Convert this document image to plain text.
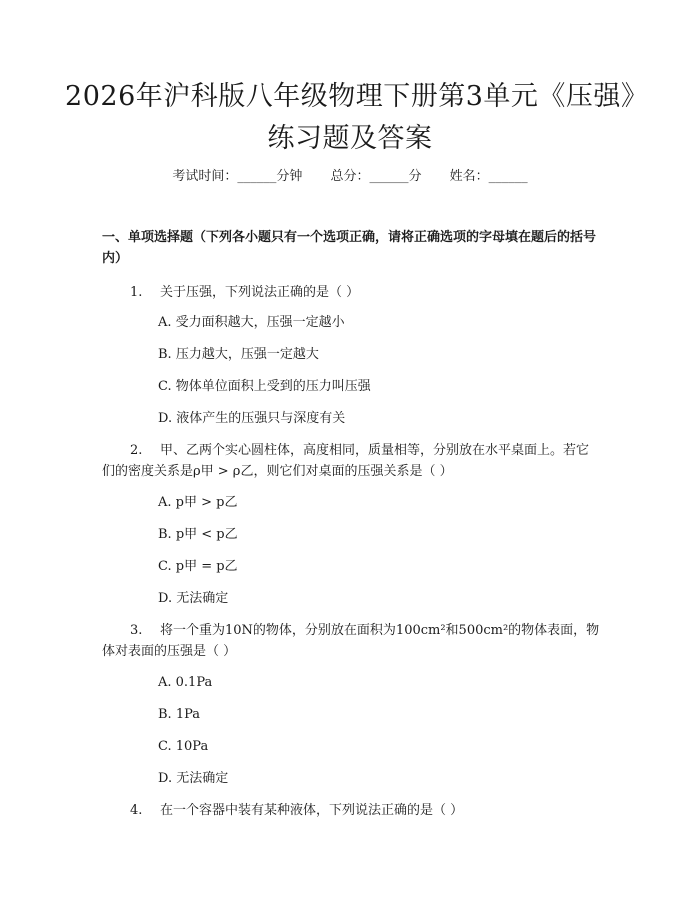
2026年沪科版八年级物理下册第3单元《压强》练习题及答案
考试时间：______分钟 总分：______分 姓名：______

一、单项选择题（下列各小题只有一个选项正确，请将正确选项的字母填在题后的括号内）

1. 关于压强，下列说法正确的是（ ）
A. 受力面积越大，压强一定越小
B. 压力越大，压强一定越大
C. 物体单位面积上受到的压力叫压强
D. 液体产生的压强只与深度有关
2. 甲、乙两个实心圆柱体，高度相同，质量相等，分别放在水平桌面上。若它们的密度关系是ρ甲 > ρ乙，则它们对桌面的压强关系是（ ）
A. p甲 > p乙
B. p甲 < p乙
C. p甲 = p乙
D. 无法确定
3. 将一个重为10N的物体，分别放在面积为100cm²和500cm²的物体表面，物体对表面的压强是（ ）
A. 0.1Pa
B. 1Pa
C. 10Pa
D. 无法确定
4. 在一个容器中装有某种液体，下列说法正确的是（ ）
